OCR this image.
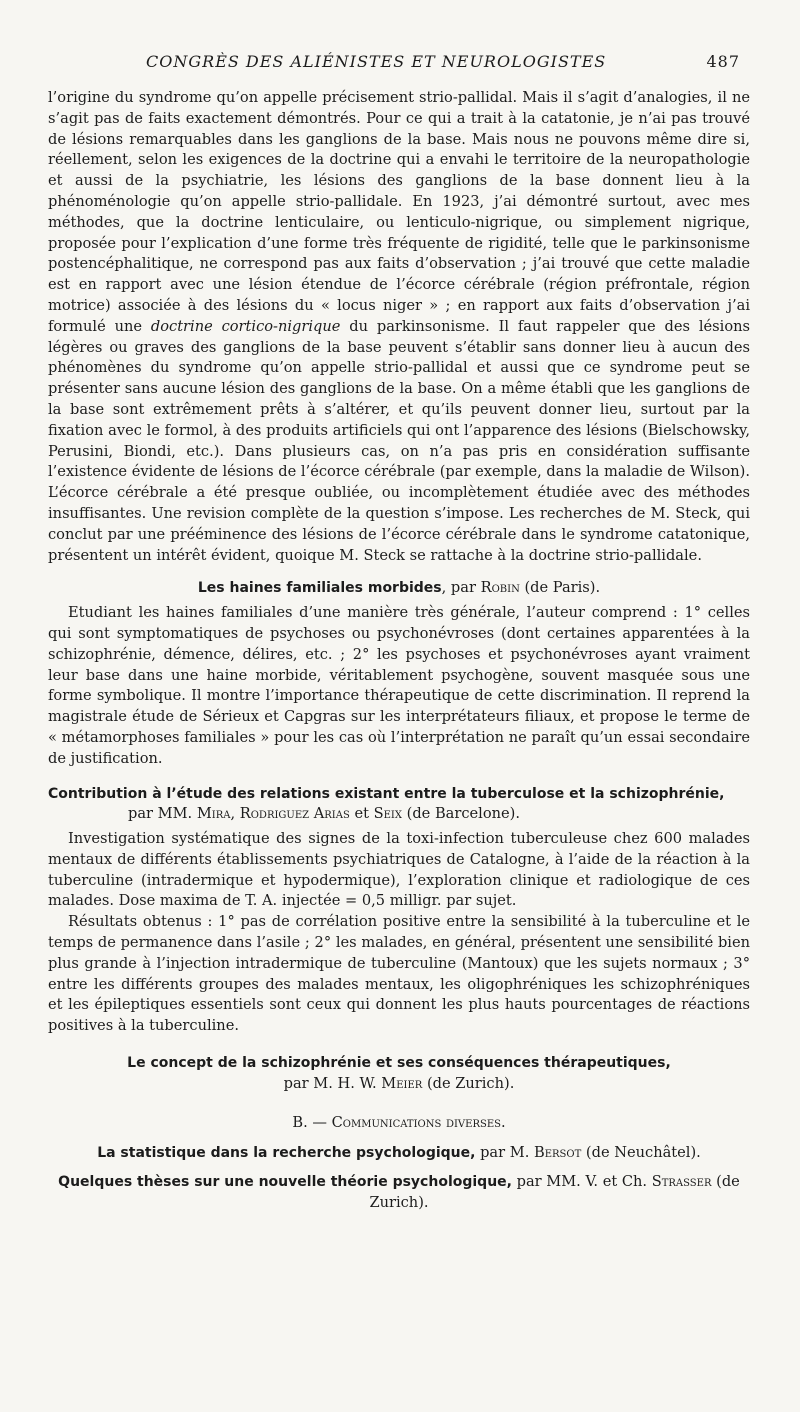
CONGRÈS DES ALIÉNISTES ET NEUROLOGISTES	487

l’origine du syndrome qu’on appelle précisement strio-pallidal. Mais il s’agit d’analogies, il ne s’agit pas de faits exactement démontrés. Pour ce qui a trait à la catatonie, je n’ai pas trouvé de lésions remarquables dans les ganglions de la base. Mais nous ne pouvons même dire si, réellement, selon les exigences de la doctrine qui a envahi le territoire de la neuropathologie et aussi de la psychiatrie, les lésions des ganglions de la base donnent lieu à la phénoménologie qu’on appelle strio-pallidale. En 1923, j’ai démontré surtout, avec mes méthodes, que la doctrine lenticulaire, ou lenticulo-nigrique, ou simplement nigrique, proposée pour l’explication d’une forme très fréquente de rigidité, telle que le parkinsonisme postencéphalitique, ne correspond pas aux faits d’observation ; j’ai trouvé que cette maladie est en rapport avec une lésion étendue de l’écorce cérébrale (région préfrontale, région motrice) associée à des lésions du « locus niger » ; en rapport aux faits d’observation j’ai formulé une doctrine cortico-nigrique du parkinsonisme. Il faut rappeler que des lésions légères ou graves des ganglions de la base peuvent s’établir sans donner lieu à aucun des phénomènes du syndrome qu’on appelle strio-pallidal et aussi que ce syndrome peut se présenter sans aucune lésion des ganglions de la base. On a même établi que les ganglions de la base sont extrêmement prêts à s’altérer, et qu’ils peuvent donner lieu, surtout par la fixation avec le formol, à des produits artificiels qui ont l’apparence des lésions (Bielschowsky, Perusini, Biondi, etc.). Dans plusieurs cas, on n’a pas pris en considération suffisante l’existence évidente de lésions de l’écorce cérébrale (par exemple, dans la maladie de Wilson). L’écorce cérébrale a été presque oubliée, ou incomplètement étudiée avec des méthodes insuffisantes. Une revision complète de la question s’impose. Les recherches de M. Steck, qui conclut par une prééminence des lésions de l’écorce cérébrale dans le syndrome catatonique, présentent un intérêt évident, quoique M. Steck se rattache à la doctrine strio-pallidale.

Les haines familiales morbides, par Robin (de Paris).

Etudiant les haines familiales d’une manière très générale, l’auteur comprend : 1° celles qui sont symptomatiques de psychoses ou psychonévroses (dont certaines apparentées à la schizophrénie, démence, délires, etc. ; 2° les psychoses et psychonévroses ayant vraiment leur base dans une haine morbide, véritablement psychogène, souvent masquée sous une forme symbolique. Il montre l’importance thérapeutique de cette discrimination. Il reprend la magistrale étude de Sérieux et Capgras sur les interprétateurs filiaux, et propose le terme de « métamorphoses familiales » pour les cas où l’interprétation ne paraît qu’un essai secondaire de justification.

Contribution à l’étude des relations existant entre la tuberculose et la schizophrénie, par MM. Mira, Rodriguez Arias et Seix (de Barcelone).

Investigation systématique des signes de la toxi-infection tuberculeuse chez 600 malades mentaux de différents établissements psychiatriques de Catalogne, à l’aide de la réaction à la tuberculine (intradermique et hypodermique), l’exploration clinique et radiologique de ces malades. Dose maxima de T. A. injectée = 0,5 milligr. par sujet.

Résultats obtenus : 1° pas de corrélation positive entre la sensibilité à la tuberculine et le temps de permanence dans l’asile ; 2° les malades, en général, présentent une sensibilité bien plus grande à l’injection intradermique de tuberculine (Mantoux) que les sujets normaux ; 3° entre les différents groupes des malades mentaux, les oligophréniques les schizophréniques et les épileptiques essentiels sont ceux qui donnent les plus hauts pourcentages de réactions positives à la tuberculine.

Le concept de la schizophrénie et ses conséquences thérapeutiques,
par M. H. W. Meier (de Zurich).
B. — Communications diverses.
La statistique dans la recherche psychologique, par M. Bersot (de Neuchâtel).
Quelques thèses sur une nouvelle théorie psychologique, par MM. V. et Ch. Strasser (de Zurich).
